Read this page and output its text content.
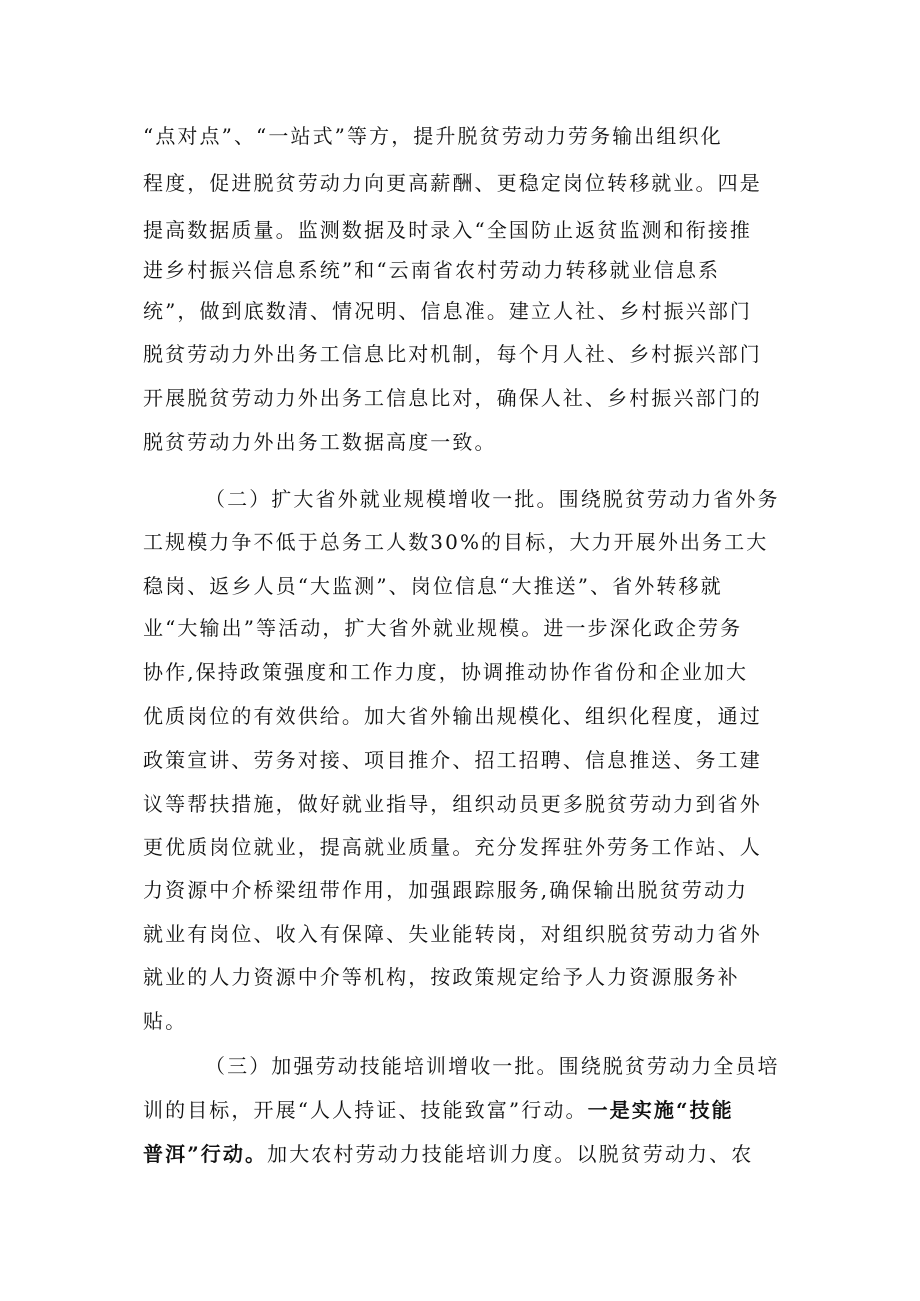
“点对点”、“一站式”等方，提升脱贫劳动力劳务输出组织化
程度，促进脱贫劳动力向更高薪酬、更稳定岗位转移就业。四是
提高数据质量。监测数据及时录入“全国防止返贫监测和衔接推
进乡村振兴信息系统”和“云南省农村劳动力转移就业信息系
统”，做到底数清、情况明、信息准。建立人社、乡村振兴部门
脱贫劳动力外出务工信息比对机制，每个月人社、乡村振兴部门
开展脱贫劳动力外出务工信息比对，确保人社、乡村振兴部门的
脱贫劳动力外出务工数据高度一致。
（二）扩大省外就业规模增收一批。围绕脱贫劳动力省外务
工规模力争不低于总务工人数30%的目标，大力开展外出务工大
稳岗、返乡人员“大监测”、岗位信息“大推送”、省外转移就
业“大输出”等活动，扩大省外就业规模。进一步深化政企劳务
协作,保持政策强度和工作力度，协调推动协作省份和企业加大
优质岗位的有效供给。加大省外输出规模化、组织化程度，通过
政策宣讲、劳务对接、项目推介、招工招聘、信息推送、务工建
议等帮扶措施，做好就业指导，组织动员更多脱贫劳动力到省外
更优质岗位就业，提高就业质量。充分发挥驻外劳务工作站、人
力资源中介桥梁纽带作用，加强跟踪服务,确保输出脱贫劳动力
就业有岗位、收入有保障、失业能转岗，对组织脱贫劳动力省外
就业的人力资源中介等机构，按政策规定给予人力资源服务补
贴。
（三）加强劳动技能培训增收一批。围绕脱贫劳动力全员培
训的目标，开展“人人持证、技能致富”行动。一是实施“技能
普洱”行动。加大农村劳动力技能培训力度。以脱贫劳动力、农
